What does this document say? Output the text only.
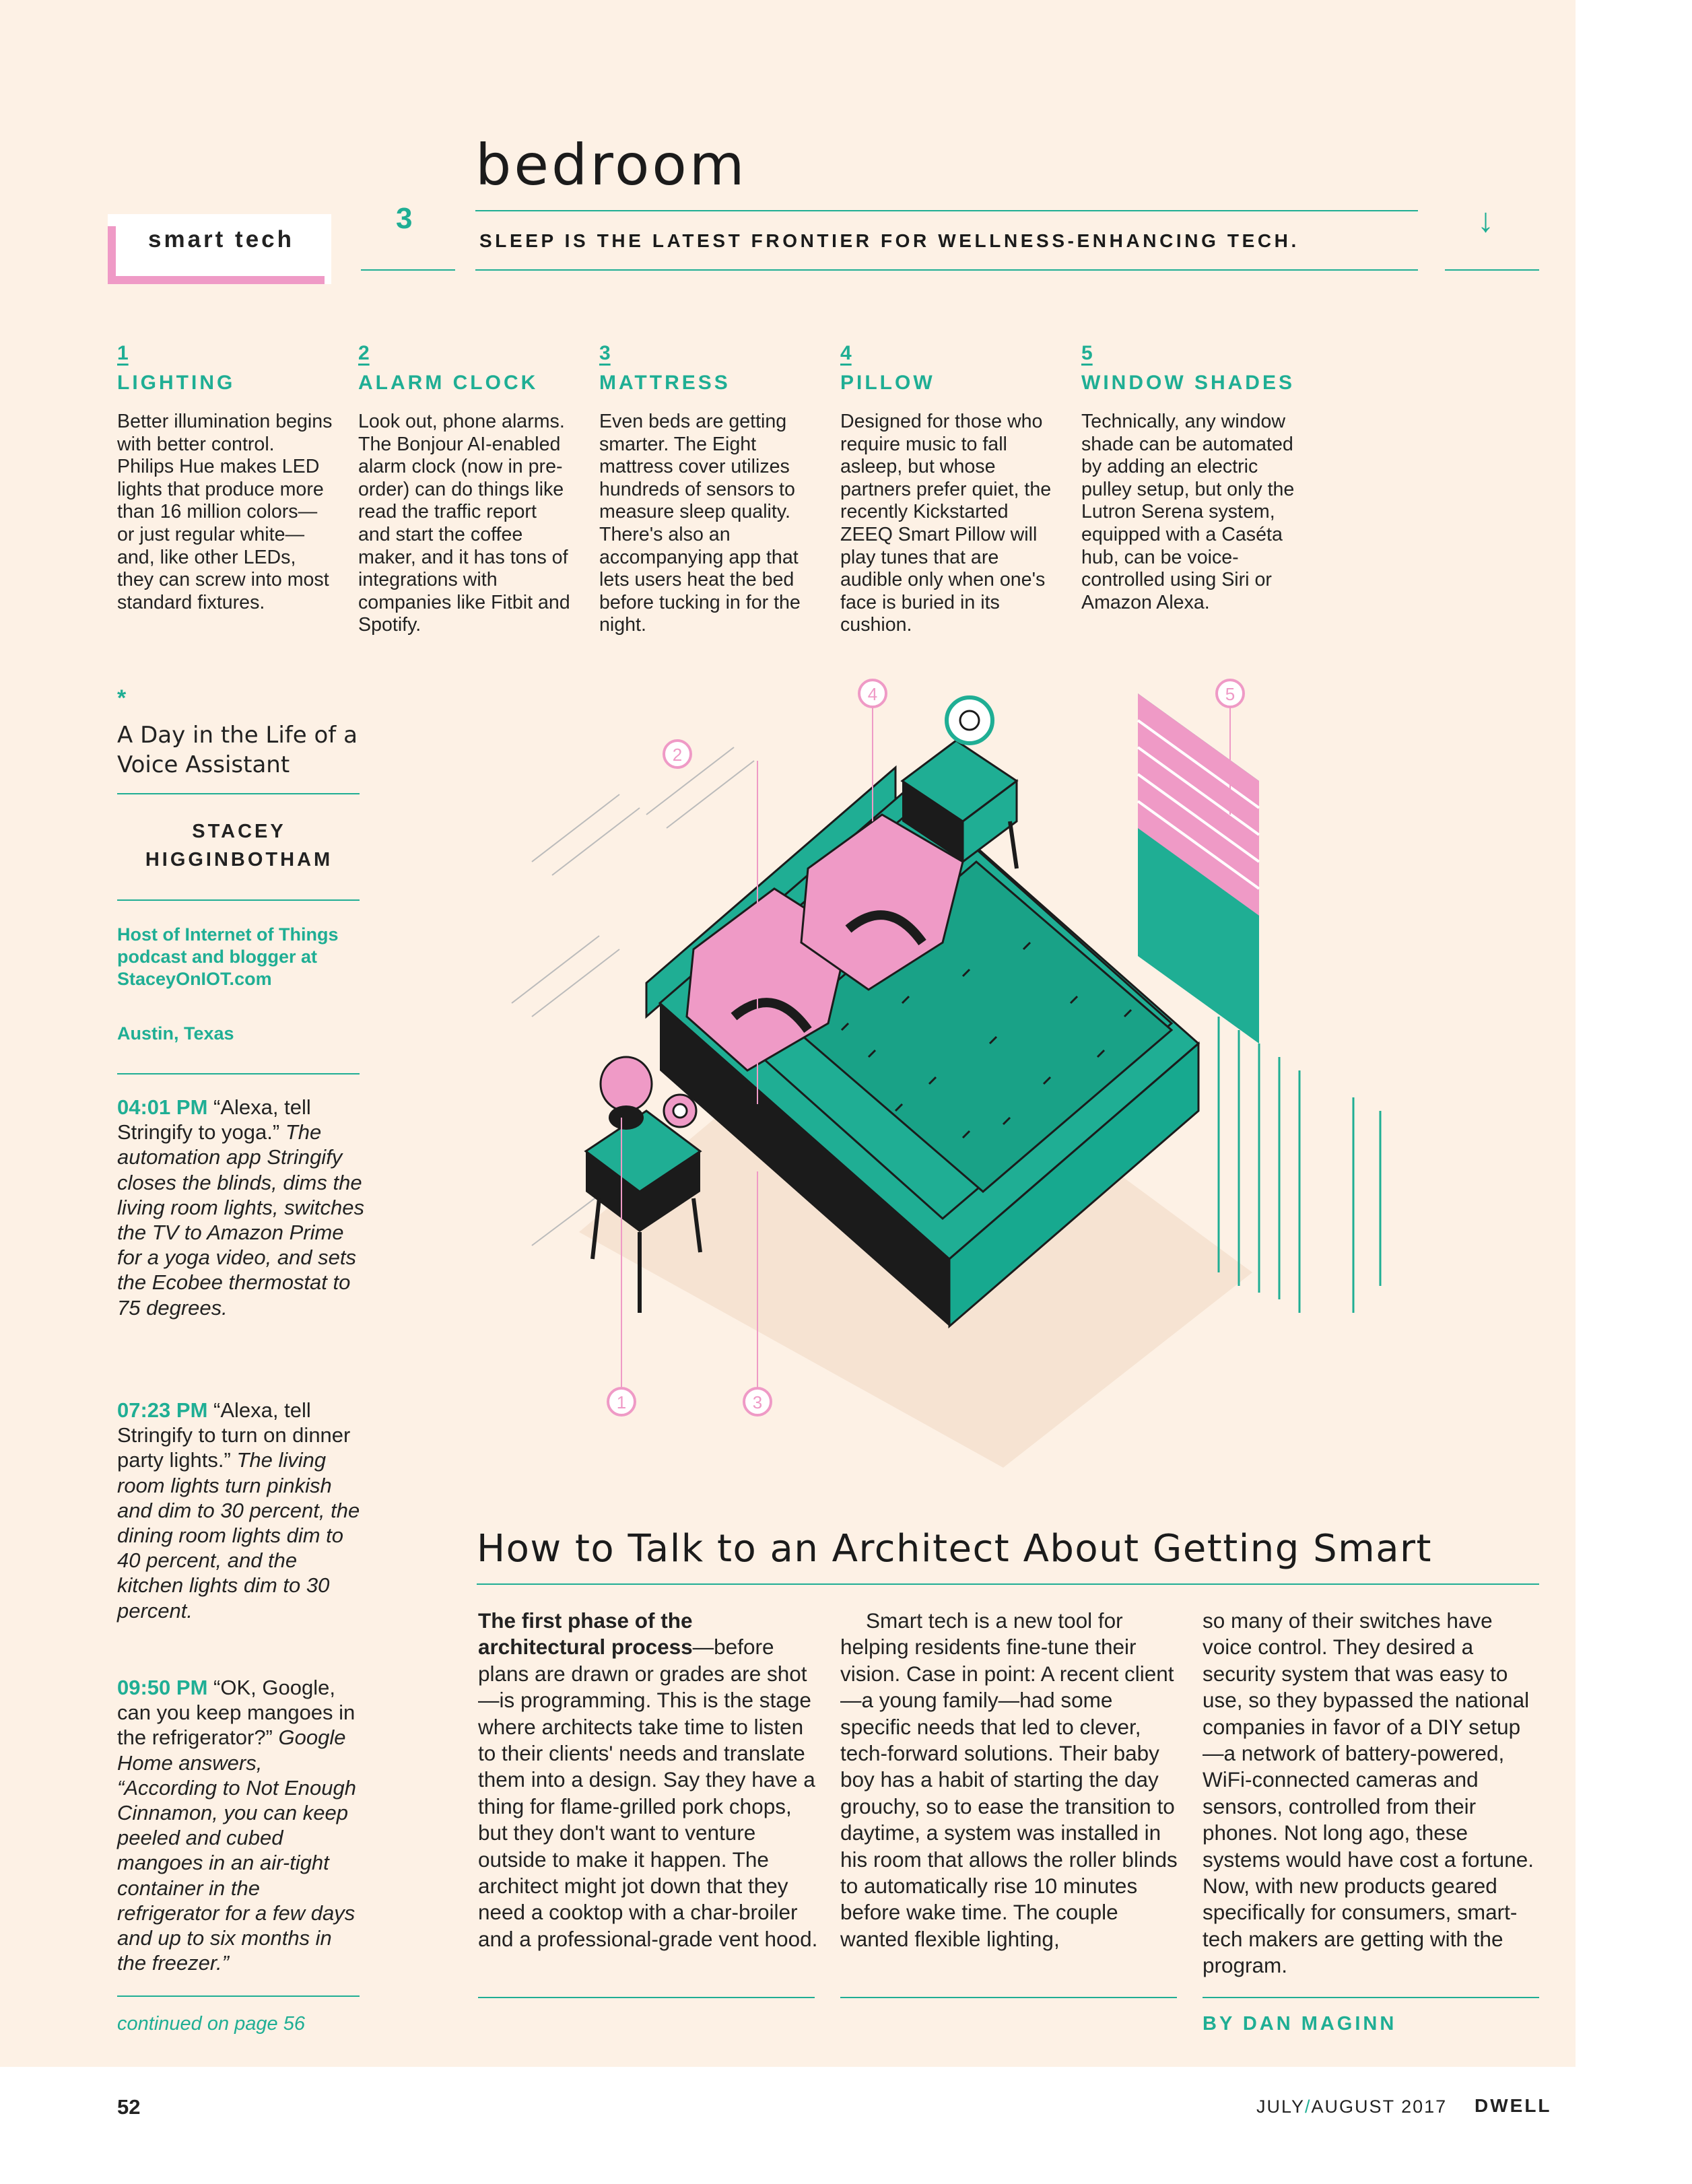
smart tech
3
bedroom
SLEEP IS THE LATEST FRONTIER FOR WELLNESS-ENHANCING TECH.
↓
1
LIGHTING
Better illumination begins with better control. Philips Hue makes LED lights that produce more than 16 million colors—or just regular white—and, like other LEDs, they can screw into most standard fixtures.
2
ALARM CLOCK
Look out, phone alarms. The Bonjour AI-enabled alarm clock (now in pre-order) can do things like read the traffic report and start the coffee maker, and it has tons of integrations with companies like Fitbit and Spotify.
3
MATTRESS
Even beds are getting smarter. The Eight mattress cover utilizes hundreds of sensors to measure sleep quality. There's also an accompanying app that lets users heat the bed before tucking in for the night.
4
PILLOW
Designed for those who require music to fall asleep, but whose partners prefer quiet, the recently Kickstarted ZEEQ Smart Pillow will play tunes that are audible only when one's face is buried in its cushion.
5
WINDOW SHADES
Technically, any window shade can be automated by adding an electric pulley setup, but only the Lutron Serena system, equipped with a Caséta hub, can be voice-controlled using Siri or Amazon Alexa.
*
A Day in the Life of a Voice Assistant
STACEY HIGGINBOTHAM
Host of Internet of Things podcast and blogger at StaceyOnIOT.com
Austin, Texas
04:01 PM “Alexa, tell Stringify to yoga.” The automation app Stringify closes the blinds, dims the living room lights, switches the TV to Amazon Prime for a yoga video, and sets the Ecobee thermostat to 75 degrees.
07:23 PM “Alexa, tell Stringify to turn on dinner party lights.” The living room lights turn pinkish and dim to 30 percent, the dining room lights dim to 40 percent, and the kitchen lights dim to 30 percent.
09:50 PM “OK, Google, can you keep mangoes in the refrigerator?” Google Home answers, “According to Not Enough Cinnamon, you can keep peeled and cubed mangoes in an air-tight container in the refrigerator for a few days and up to six months in the freezer.”
continued on page 56
1
2
3
4	5
How to Talk to an Architect About Getting Smart
The first phase of the architectural process—before plans are drawn or grades are shot—is programming. This is the stage where architects take time to listen to their clients' needs and translate them into a design. Say they have a thing for flame-grilled pork chops, but they don't want to venture outside to make it happen. The architect might jot down that they need a cooktop with a char-broiler and a professional-grade vent hood.
Smart tech is a new tool for helping residents fine-tune their vision. Case in point: A recent client—a young family—had some specific needs that led to clever, tech-forward solutions. Their baby boy has a habit of starting the day grouchy, so to ease the transition to daytime, a system was installed in his room that allows the roller blinds to automatically rise 10 minutes before wake time. The couple wanted flexible lighting,
so many of their switches have voice control. They desired a security system that was easy to use, so they bypassed the national companies in favor of a DIY setup—a network of battery-powered, WiFi-connected cameras and sensors, controlled from their phones. Not long ago, these systems would have cost a fortune. Now, with new products geared specifically for consumers, smart-tech makers are getting with the program.
BY DAN MAGINN
52	JULY/AUGUST 2017 DWELL
